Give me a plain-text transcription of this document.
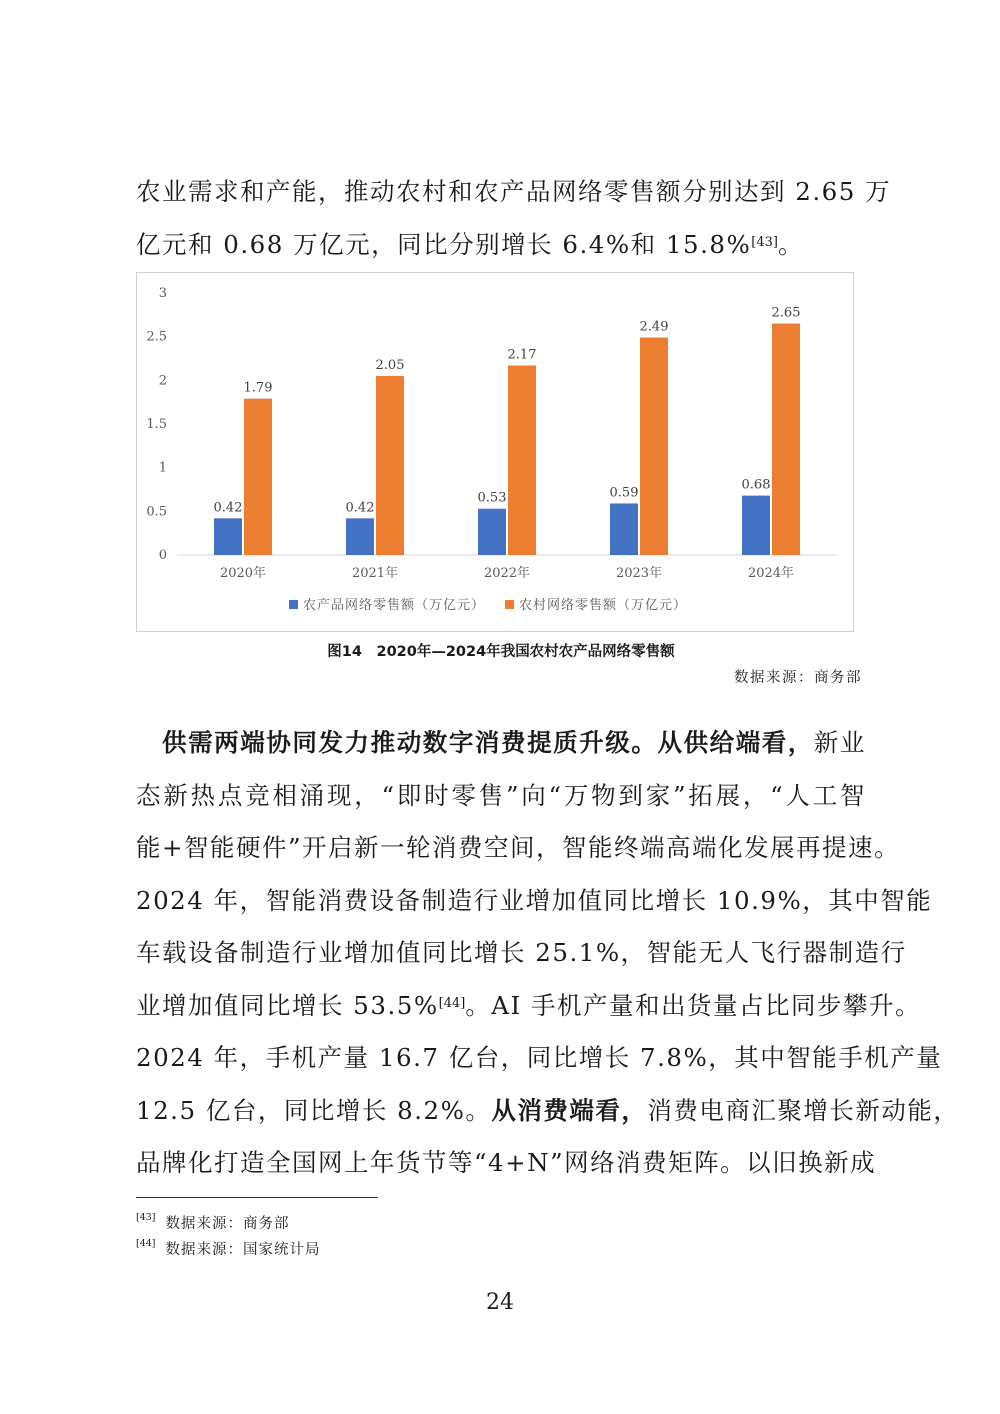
农业需求和产能，推动农村和农产品网络零售额分别达到 2.65 万
亿元和 0.68 万亿元，同比分别增长 6.4%和 15.8%[43]。
0
0.5
1
1.5
2
2.5
3
2020年
0.42
1.79
2021年
0.42
2.05
2022年
0.53
2.17
2023年
0.59
2.49
2024年
0.68
2.65
农产品网络零售额（万亿元）	农村网络零售额（万亿元）
图14　2020年—2024年我国农村农产品网络零售额
数据来源：商务部
供需两端协同发力推动数字消费提质升级。从供给端看，新业
态新热点竞相涌现，“即时零售”向“万物到家”拓展，“人工智
能+智能硬件”开启新一轮消费空间，智能终端高端化发展再提速。
2024 年，智能消费设备制造行业增加值同比增长 10.9%，其中智能
车载设备制造行业增加值同比增长 25.1%，智能无人飞行器制造行
业增加值同比增长 53.5%[44]。AI 手机产量和出货量占比同步攀升。
2024 年，手机产量 16.7 亿台，同比增长 7.8%，其中智能手机产量
12.5 亿台，同比增长 8.2%。从消费端看，消费电商汇聚增长新动能，
品牌化打造全国网上年货节等“4+N”网络消费矩阵。以旧换新成
[43] 数据来源：商务部
[44] 数据来源：国家统计局
24
